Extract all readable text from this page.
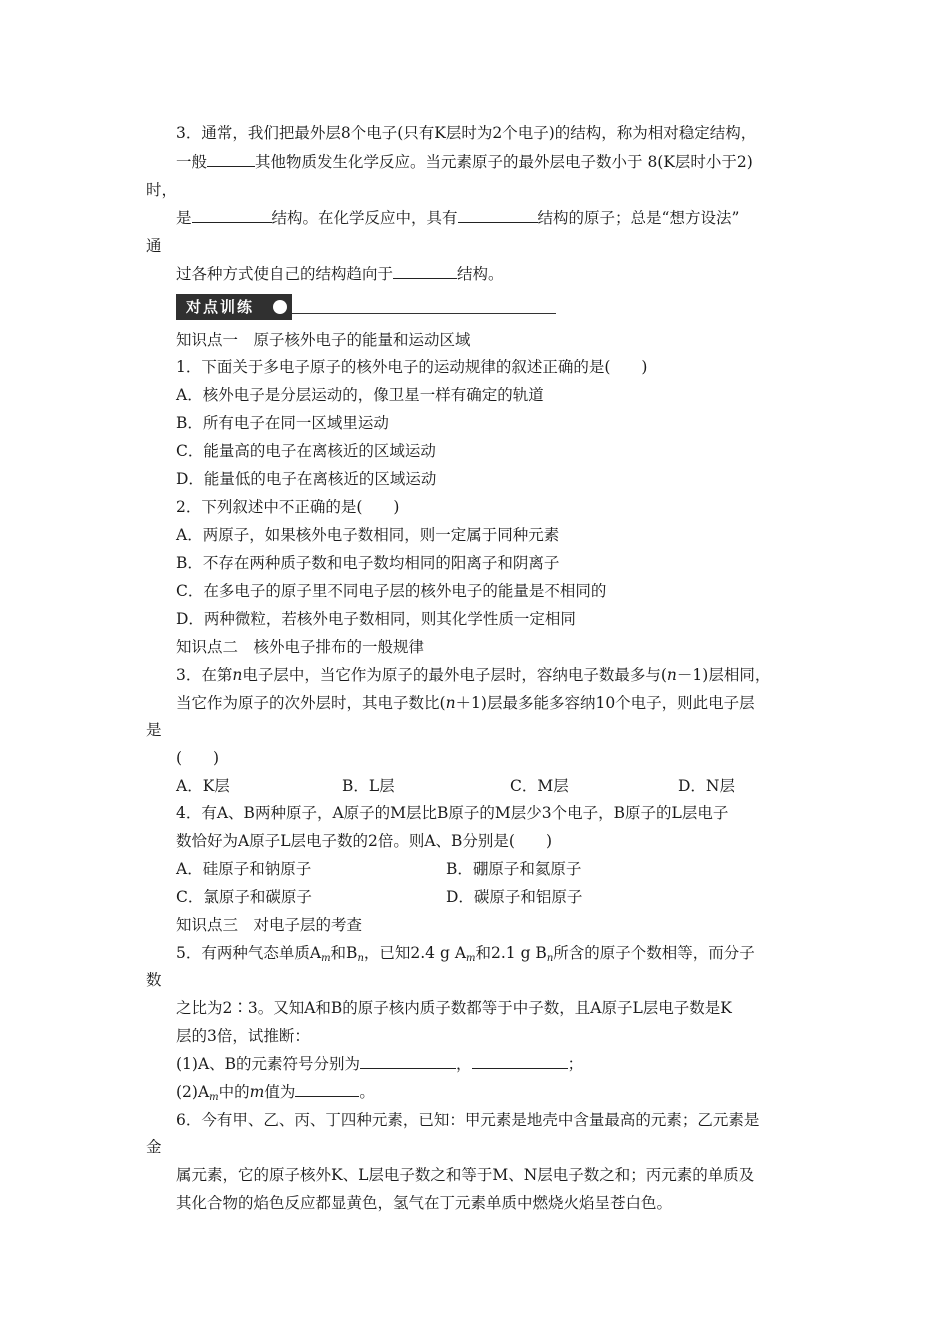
3．通常，我们把最外层8个电子(只有K层时为2个电子)的结构，称为相对稳定结构，
一般	其他物质发生化学反应。当元素原子的最外层电子数小于 8(K层时小于2)
时，
是	结构。在化学反应中，具有	结构的原子；总是“想方设法”
通
过各种方式使自己的结构趋向于	结构。
对点训练
知识点一　原子核外电子的能量和运动区域
1．下面关于多电子原子的核外电子的运动规律的叙述正确的是(　　)
A．核外电子是分层运动的，像卫星一样有确定的轨道
B．所有电子在同一区域里运动
C．能量高的电子在离核近的区域运动
D．能量低的电子在离核近的区域运动
2．下列叙述中不正确的是(　　)
A．两原子，如果核外电子数相同，则一定属于同种元素
B．不存在两种质子数和电子数均相同的阳离子和阴离子
C．在多电子的原子里不同电子层的核外电子的能量是不相同的
D．两种微粒，若核外电子数相同，则其化学性质一定相同
知识点二　核外电子排布的一般规律
3．在第n电子层中，当它作为原子的最外电子层时，容纳电子数最多与(n－1)层相同，
当它作为原子的次外层时，其电子数比(n＋1)层最多能多容纳10个电子，则此电子层
是
(　　)
A．K层	B．L层	C．M层	D．N层
4．有A、B两种原子，A原子的M层比B原子的M层少3个电子，B原子的L层电子
数恰好为A原子L层电子数的2倍。则A、B分别是(　　)
A．硅原子和钠原子	B．硼原子和氦原子
C．氯原子和碳原子	D．碳原子和铝原子
知识点三　对电子层的考查
5．有两种气态单质$A_m$和$B_n$，已知2.4 g $A_m$和2.1 g $B_n$所含的原子个数相等，而分子
数
之比为2∶3。又知A和B的原子核内质子数都等于中子数，且A原子L层电子数是K
层的3倍，试推断：
(1)A、B的元素符号分别为	，	；
$(2)A_m$中的m值为	。
6．今有甲、乙、丙、丁四种元素，已知：甲元素是地壳中含量最高的元素；乙元素是
金
属元素，它的原子核外K、L层电子数之和等于M、N层电子数之和；丙元素的单质及
其化合物的焰色反应都显黄色，氢气在丁元素单质中燃烧火焰呈苍白色。
